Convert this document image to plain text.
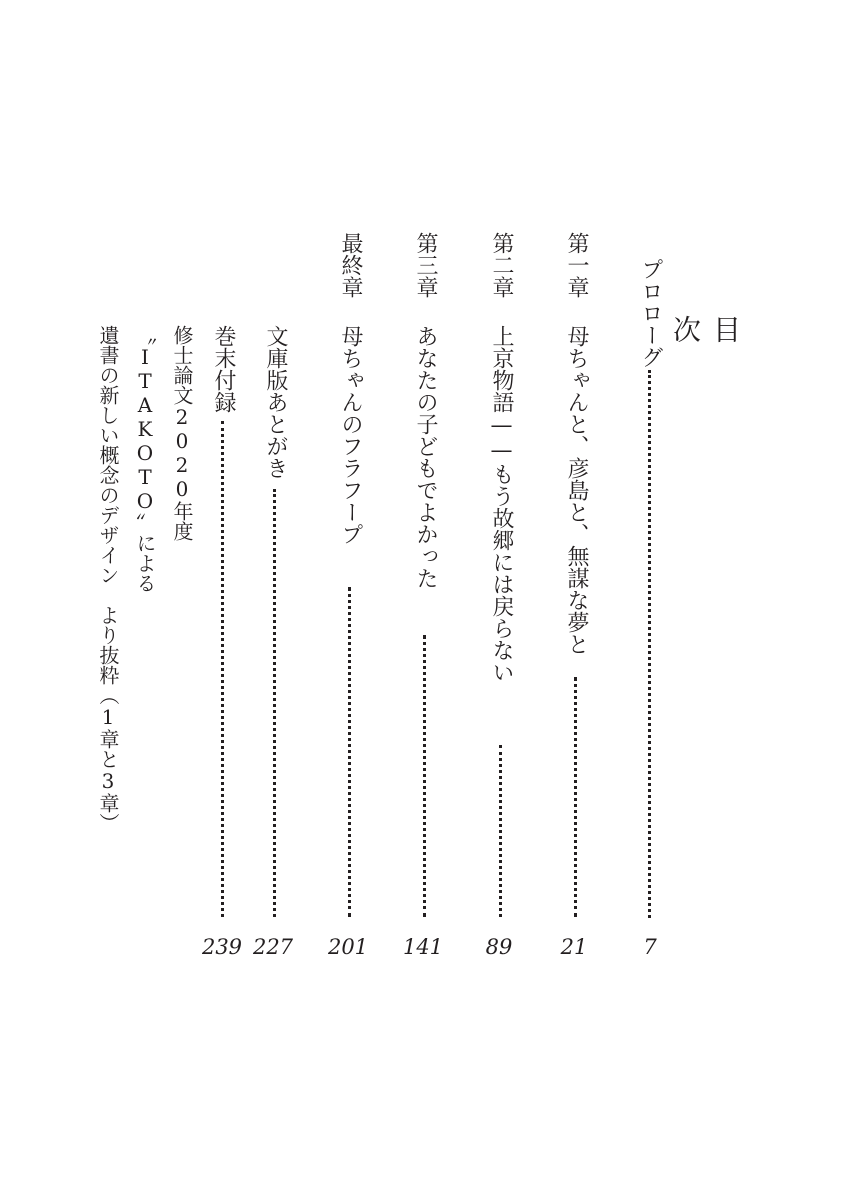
目　次
プロローグ
7
第一章
母ちゃんと、彦島と、無謀な夢と
21
第二章
上京物語——もう故郷には戻らない
89
第三章
あなたの子どもでよかった
141
最終章
母ちゃんのフラフープ
201
文庫版あとがき
227
巻末付録
239
修士論文2020年度
〝ITAKOTO〟による
遺書の新しい概念のデザイン　より抜粋（1章と3章）
